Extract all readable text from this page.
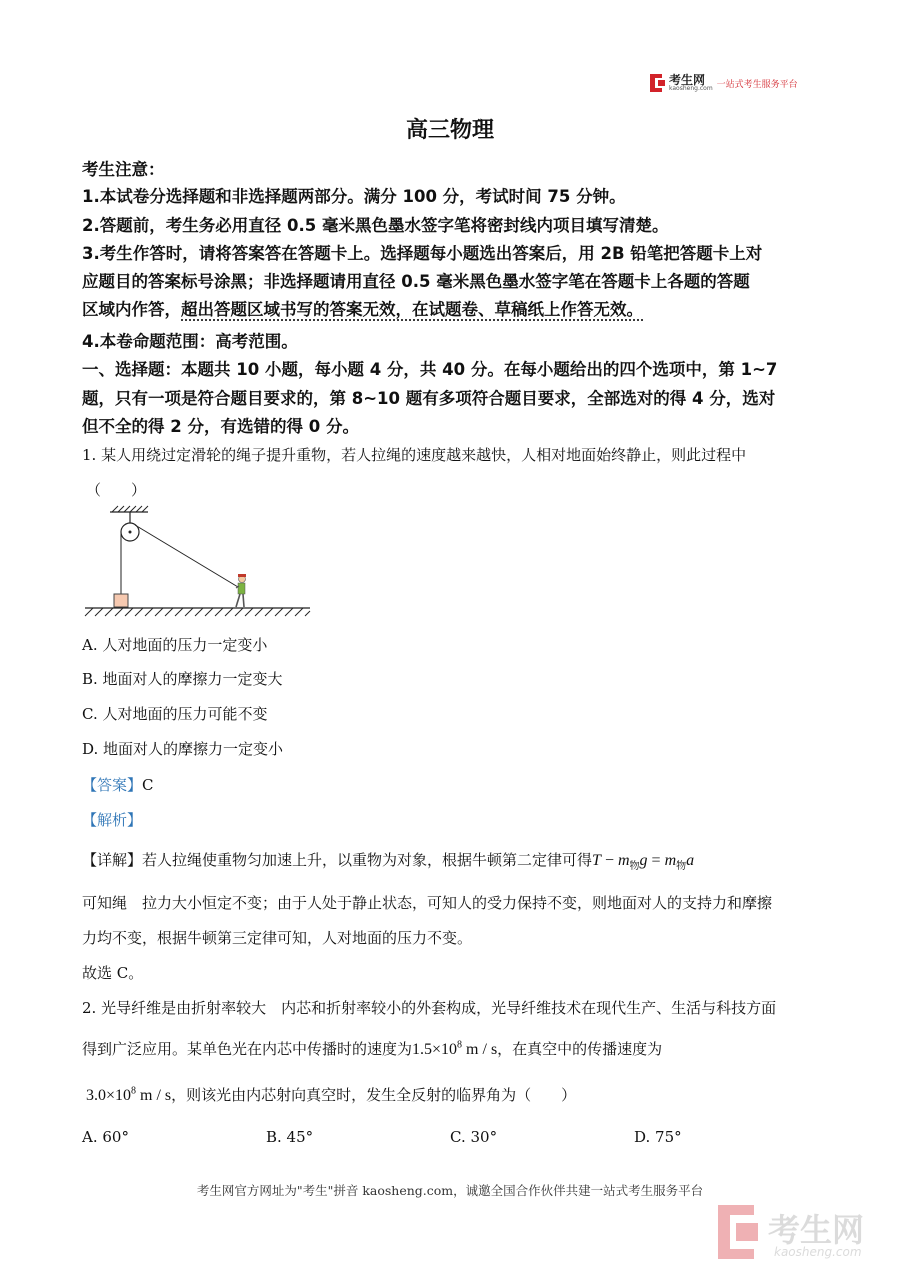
考生网
kaosheng.com 一站式考生服务平台
高三物理
考生注意：
1.本试卷分选择题和非选择题两部分。满分 100 分，考试时间 75 分钟。
2.答题前，考生务必用直径 0.5 毫米黑色墨水签字笔将密封线内项目填写清楚。
3.考生作答时，请将答案答在答题卡上。选择题每小题选出答案后，用 2B 铅笔把答题卡上对
应题目的答案标号涂黑；非选择题请用直径 0.5 毫米黑色墨水签字笔在答题卡上各题的答题
区域内作答，超出答题区域书写的答案无效，在试题卷、草稿纸上作答无效。
4.本卷命题范围：高考范围。
一、选择题：本题共 10 小题，每小题 4 分，共 40 分。在每小题给出的四个选项中，第 1~7
题，只有一项是符合题目要求的，第 8~10 题有多项符合题目要求，全部选对的得 4 分，选对
但不全的得 2 分，有选错的得 0 分。
1. 某人用绕过定滑轮的绳子提升重物，若人拉绳的速度越来越快，人相对地面始终静止，则此过程中
（　　）
A. 人对地面的压力一定变小
B. 地面对人的摩擦力一定变大
C. 人对地面的压力可能不变
D. 地面对人的摩擦力一定变小
【答案】C
【解析】
【详解】若人拉绳使重物匀加速上升，以重物为对象，根据牛顿第二定律可得$T - m_物g = m_物a$
可知绳　拉力大小恒定不变；由于人处于静止状态，可知人的受力保持不变，则地面对人的支持力和摩擦
力均不变，根据牛顿第三定律可知，人对地面的压力不变。
故选 C。
2. 光导纤维是由折射率较大　内芯和折射率较小的外套构成，光导纤维技术在现代生产、生活与科技方面
得到广泛应用。某单色光在内芯中传播时的速度为$1.5\times 10^8$ m / s，在真空中的传播速度为
$3.0\times 10^8$ m / s，则该光由内芯射向真空时，发生全反射的临界角为（　　）
A. 60°	B. 45°	C. 30°	D. 75°
考生网官方网址为"考生"拼音 kaosheng.com，诚邀全国合作伙伴共建一站式考生服务平台
考生网
kaosheng.com
